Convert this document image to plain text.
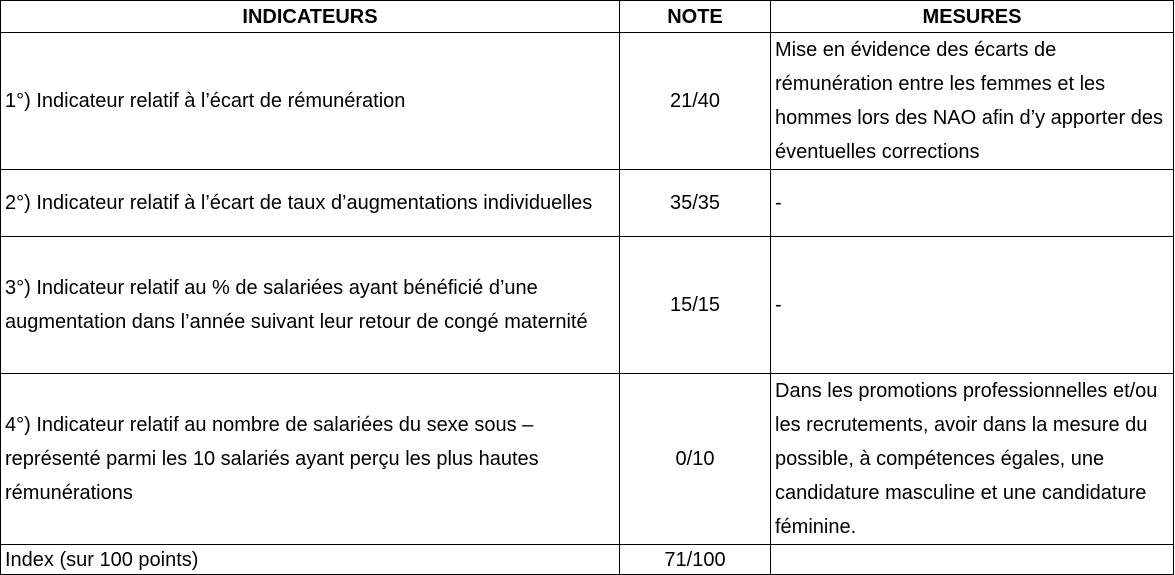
INDICATEURS	NOTE	MESURES
1°) Indicateur relatif à l’écart de rémunération	21/40	Mise en évidence des écarts de rémunération entre les femmes et les hommes lors des NAO afin d’y apporter des éventuelles corrections
2°) Indicateur relatif à l’écart de taux d’augmentations individuelles	35/35	-
3°) Indicateur relatif au % de salariées ayant bénéficié d’une augmentation dans l’année suivant leur retour de congé maternité	15/15	-
4°) Indicateur relatif au nombre de salariées du sexe sous – représenté parmi les 10 salariés ayant perçu les plus hautes rémunérations	0/10	Dans les promotions professionnelles et/ou les recrutements, avoir dans la mesure du possible, à compétences égales, une candidature masculine et une candidature féminine.
Index (sur 100 points)	71/100	
